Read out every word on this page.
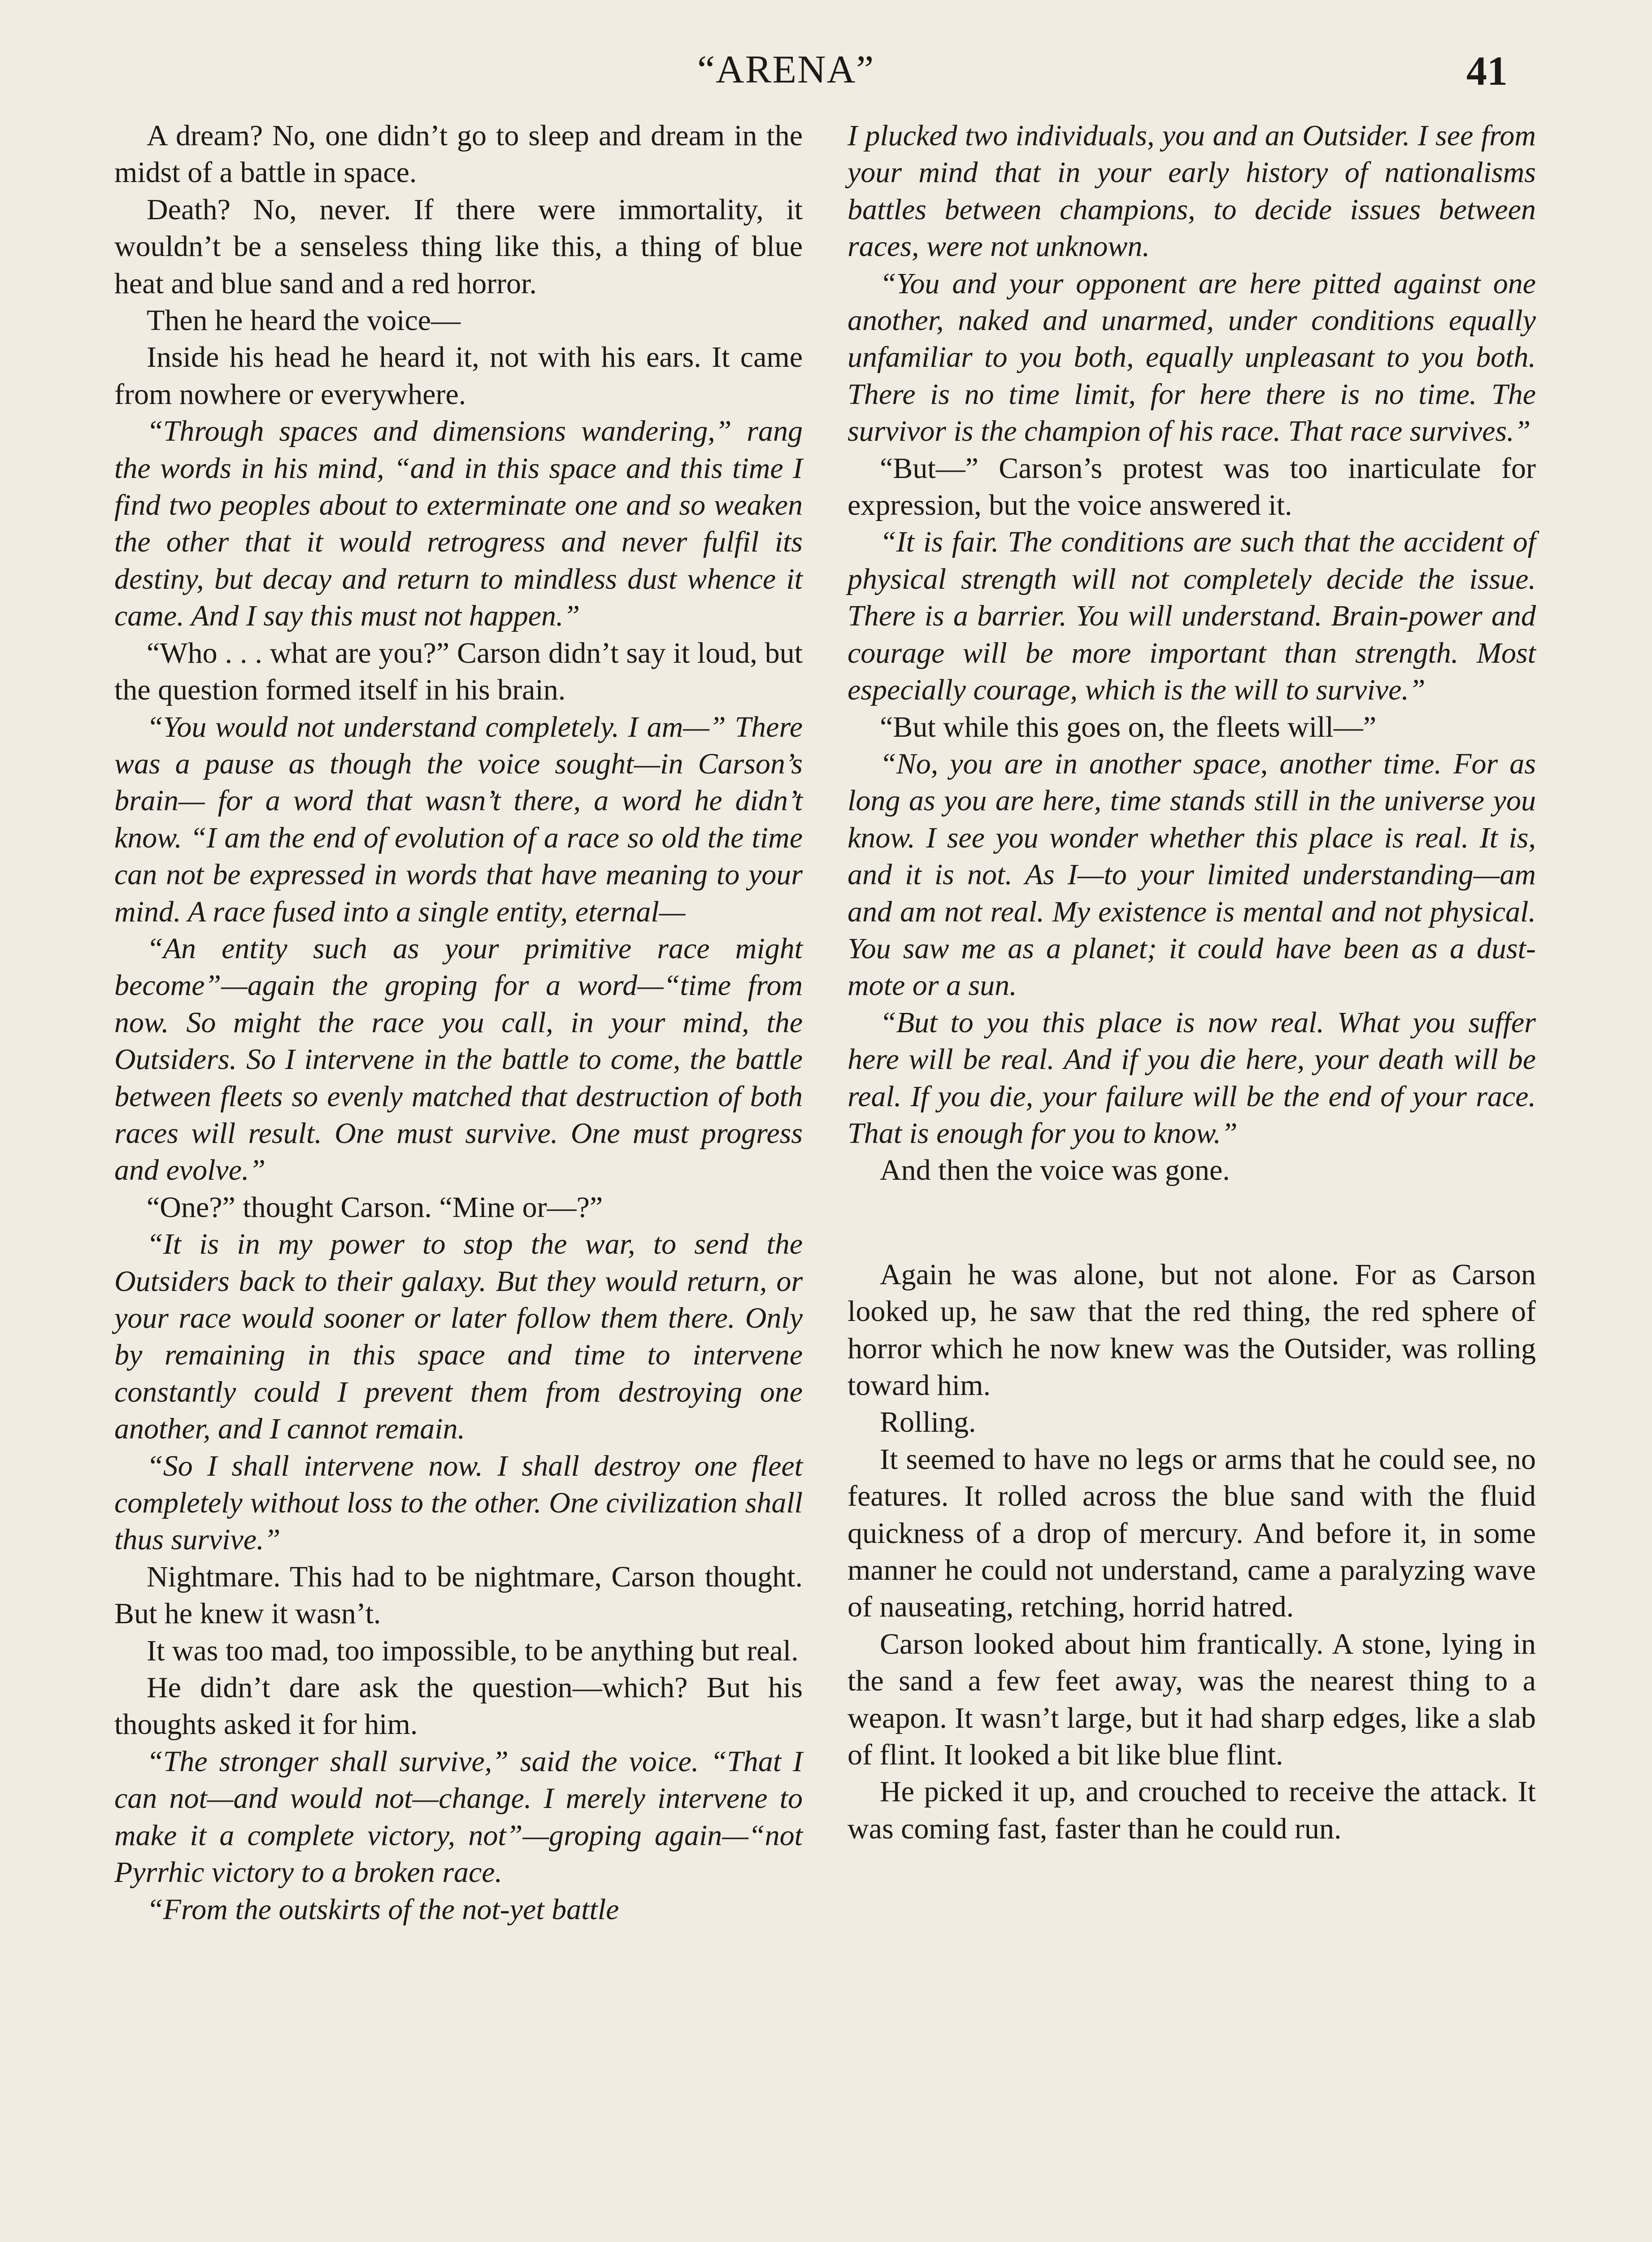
“ARENA”	41

A dream? No, one didn’t go to sleep and dream in the midst of a battle in space.

Death? No, never. If there were immortality, it wouldn’t be a senseless thing like this, a thing of blue heat and blue sand and a red horror.

Then he heard the voice—

Inside his head he heard it, not with his ears. It came from nowhere or everywhere.

“Through spaces and dimensions wandering,” rang the words in his mind, “and in this space and this time I find two peoples about to exterminate one and so weaken the other that it would retrogress and never fulfil its destiny, but decay and return to mindless dust whence it came. And I say this must not happen.”

“Who . . . what are you?” Carson didn’t say it loud, but the question formed itself in his brain.

“You would not understand completely. I am—” There was a pause as though the voice sought—in Carson’s brain— for a word that wasn’t there, a word he didn’t know. “I am the end of evolution of a race so old the time can not be expressed in words that have meaning to your mind. A race fused into a single entity, eternal—

“An entity such as your primitive race might become”—again the groping for a word—“time from now. So might the race you call, in your mind, the Outsiders. So I intervene in the battle to come, the battle between fleets so evenly matched that destruction of both races will result. One must survive. One must progress and evolve.”

“One?” thought Carson. “Mine or—?”

“It is in my power to stop the war, to send the Outsiders back to their galaxy. But they would return, or your race would sooner or later follow them there. Only by remaining in this space and time to intervene constantly could I prevent them from destroying one another, and I cannot remain.

“So I shall intervene now. I shall destroy one fleet completely without loss to the other. One civilization shall thus survive.”

Nightmare. This had to be nightmare, Carson thought. But he knew it wasn’t.

It was too mad, too impossible, to be anything but real.

He didn’t dare ask the question—which? But his thoughts asked it for him.

“The stronger shall survive,” said the voice. “That I can not—and would not—change. I merely intervene to make it a complete victory, not”—groping again—“not Pyrrhic victory to a broken race.

“From the outskirts of the not-yet battle

I plucked two individuals, you and an Outsider. I see from your mind that in your early history of nationalisms battles between champions, to decide issues between races, were not unknown.

“You and your opponent are here pitted against one another, naked and unarmed, under conditions equally unfamiliar to you both, equally unpleasant to you both. There is no time limit, for here there is no time. The survivor is the champion of his race. That race survives.”

“But—” Carson’s protest was too inarticulate for expression, but the voice answered it.

“It is fair. The conditions are such that the accident of physical strength will not completely decide the issue. There is a barrier. You will understand. Brain-power and courage will be more important than strength. Most especially courage, which is the will to survive.”

“But while this goes on, the fleets will—”

“No, you are in another space, another time. For as long as you are here, time stands still in the universe you know. I see you wonder whether this place is real. It is, and it is not. As I—to your limited understanding—am and am not real. My existence is mental and not physical. You saw me as a planet; it could have been as a dust-mote or a sun.

“But to you this place is now real. What you suffer here will be real. And if you die here, your death will be real. If you die, your failure will be the end of your race. That is enough for you to know.”

And then the voice was gone.

Again he was alone, but not alone. For as Carson looked up, he saw that the red thing, the red sphere of horror which he now knew was the Outsider, was rolling toward him.

Rolling.

It seemed to have no legs or arms that he could see, no features. It rolled across the blue sand with the fluid quickness of a drop of mercury. And before it, in some manner he could not understand, came a paralyzing wave of nauseating, retching, horrid hatred.

Carson looked about him frantically. A stone, lying in the sand a few feet away, was the nearest thing to a weapon. It wasn’t large, but it had sharp edges, like a slab of flint. It looked a bit like blue flint.

He picked it up, and crouched to receive the attack. It was coming fast, faster than he could run.
